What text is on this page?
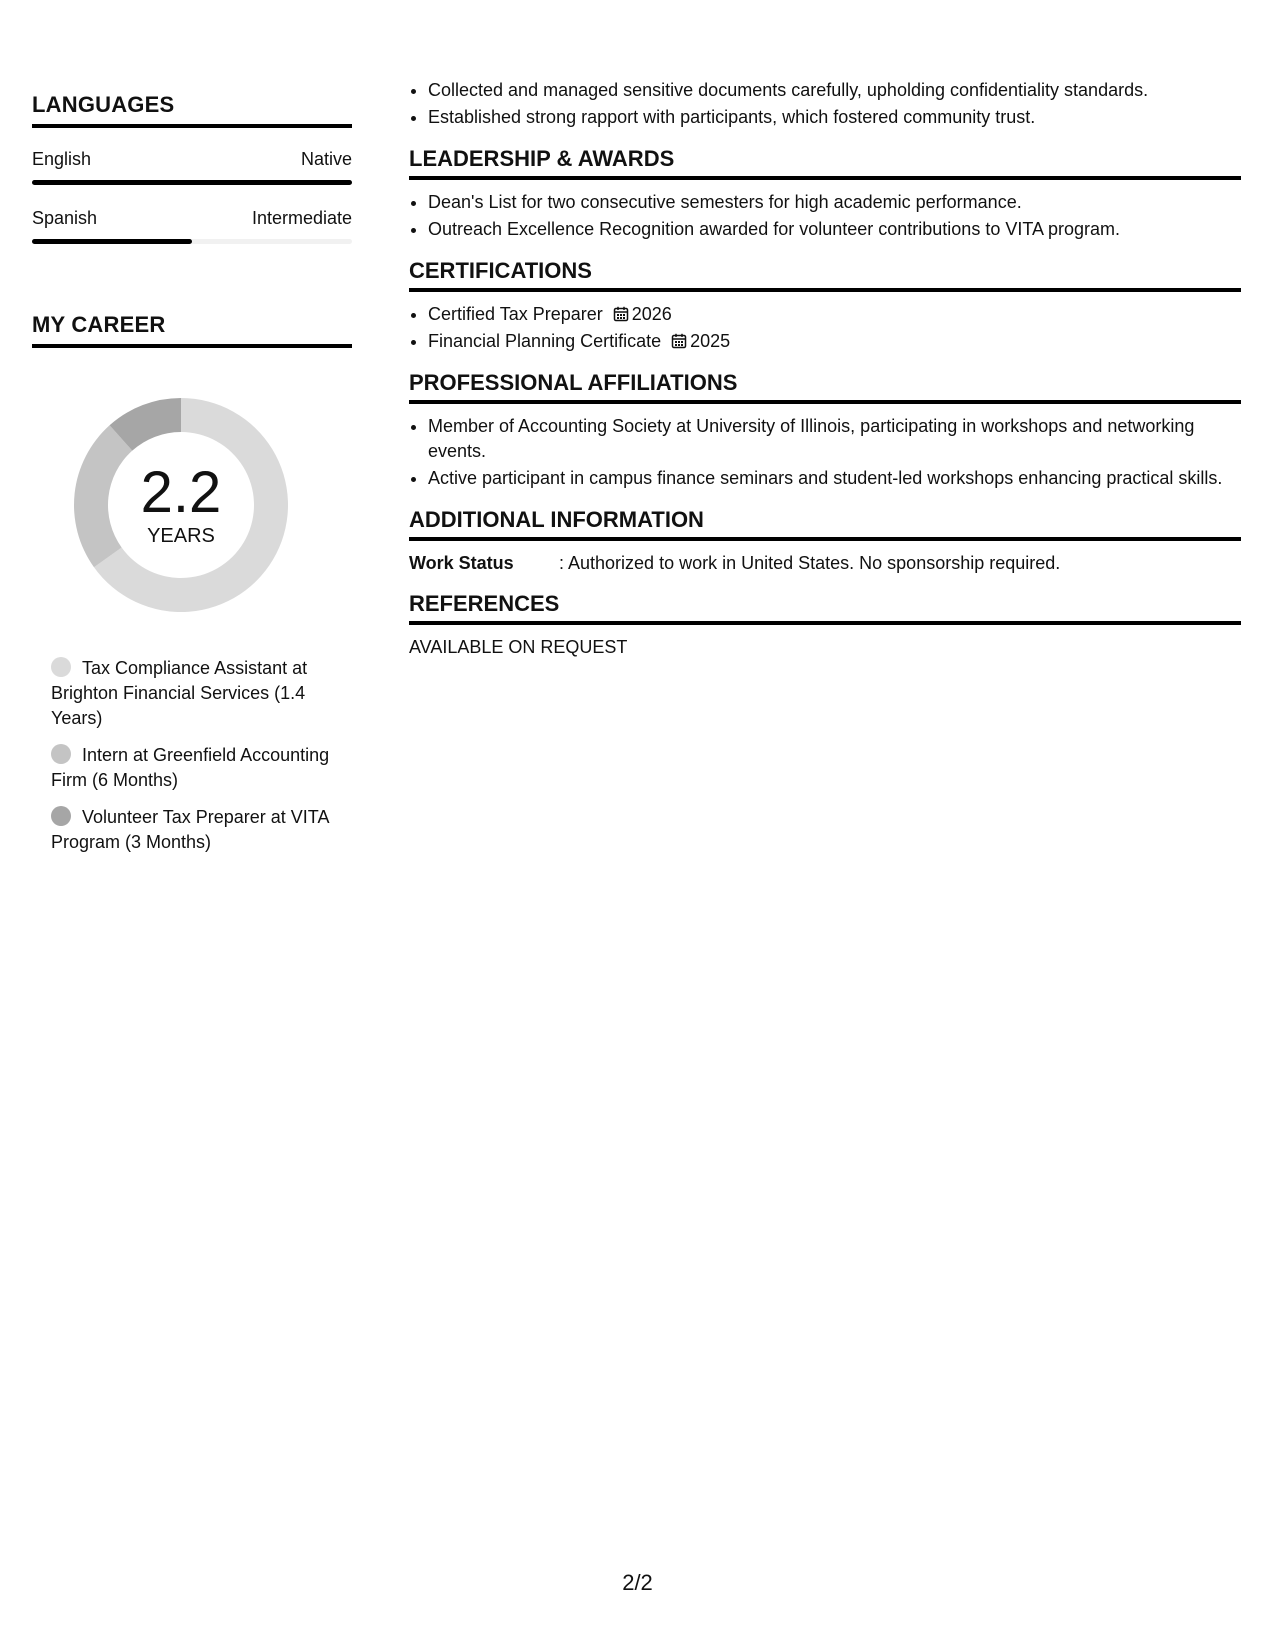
LANGUAGES
English	Native
Spanish	Intermediate
MY CAREER
2.2
YEARS
Tax Compliance Assistant at Brighton Financial Services (1.4 Years)
Intern at Greenfield Accounting Firm (6 Months)
Volunteer Tax Preparer at VITA Program (3 Months)
• Collected and managed sensitive documents carefully, upholding confidentiality standards.
• Established strong rapport with participants, which fostered community trust.
LEADERSHIP & AWARDS
• Dean's List for two consecutive semesters for high academic performance.
• Outreach Excellence Recognition awarded for volunteer contributions to VITA program.
CERTIFICATIONS
• Certified Tax Preparer 2026
• Financial Planning Certificate 2025
PROFESSIONAL AFFILIATIONS
• Member of Accounting Society at University of Illinois, participating in workshops and networking events.
• Active participant in campus finance seminars and student-led workshops enhancing practical skills.
ADDITIONAL INFORMATION
Work Status	: Authorized to work in United States. No sponsorship required.
REFERENCES
AVAILABLE ON REQUEST
2/2
